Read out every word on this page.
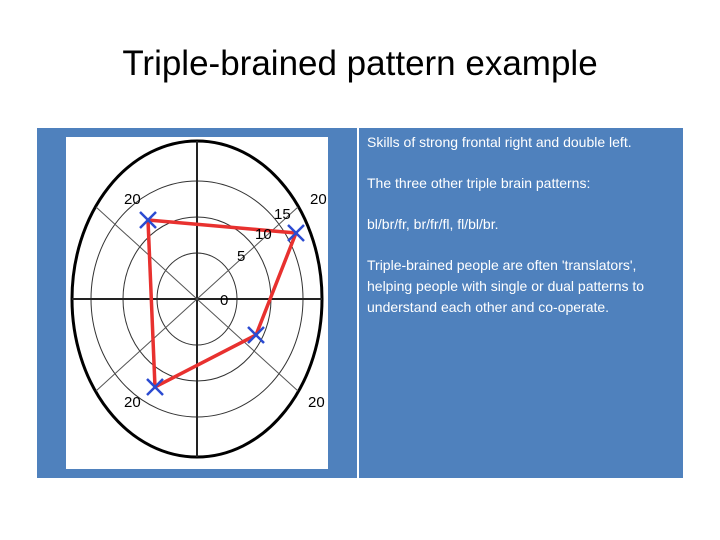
Triple-brained pattern example
20	20
20	20
15
10
5
0

Skills of strong frontal right and double left.

The three other triple brain patterns:

bl/br/fr, br/fr/fl, fl/bl/br.

Triple-brained people are often 'translators', helping people with single or dual patterns to understand each other and co-operate.
